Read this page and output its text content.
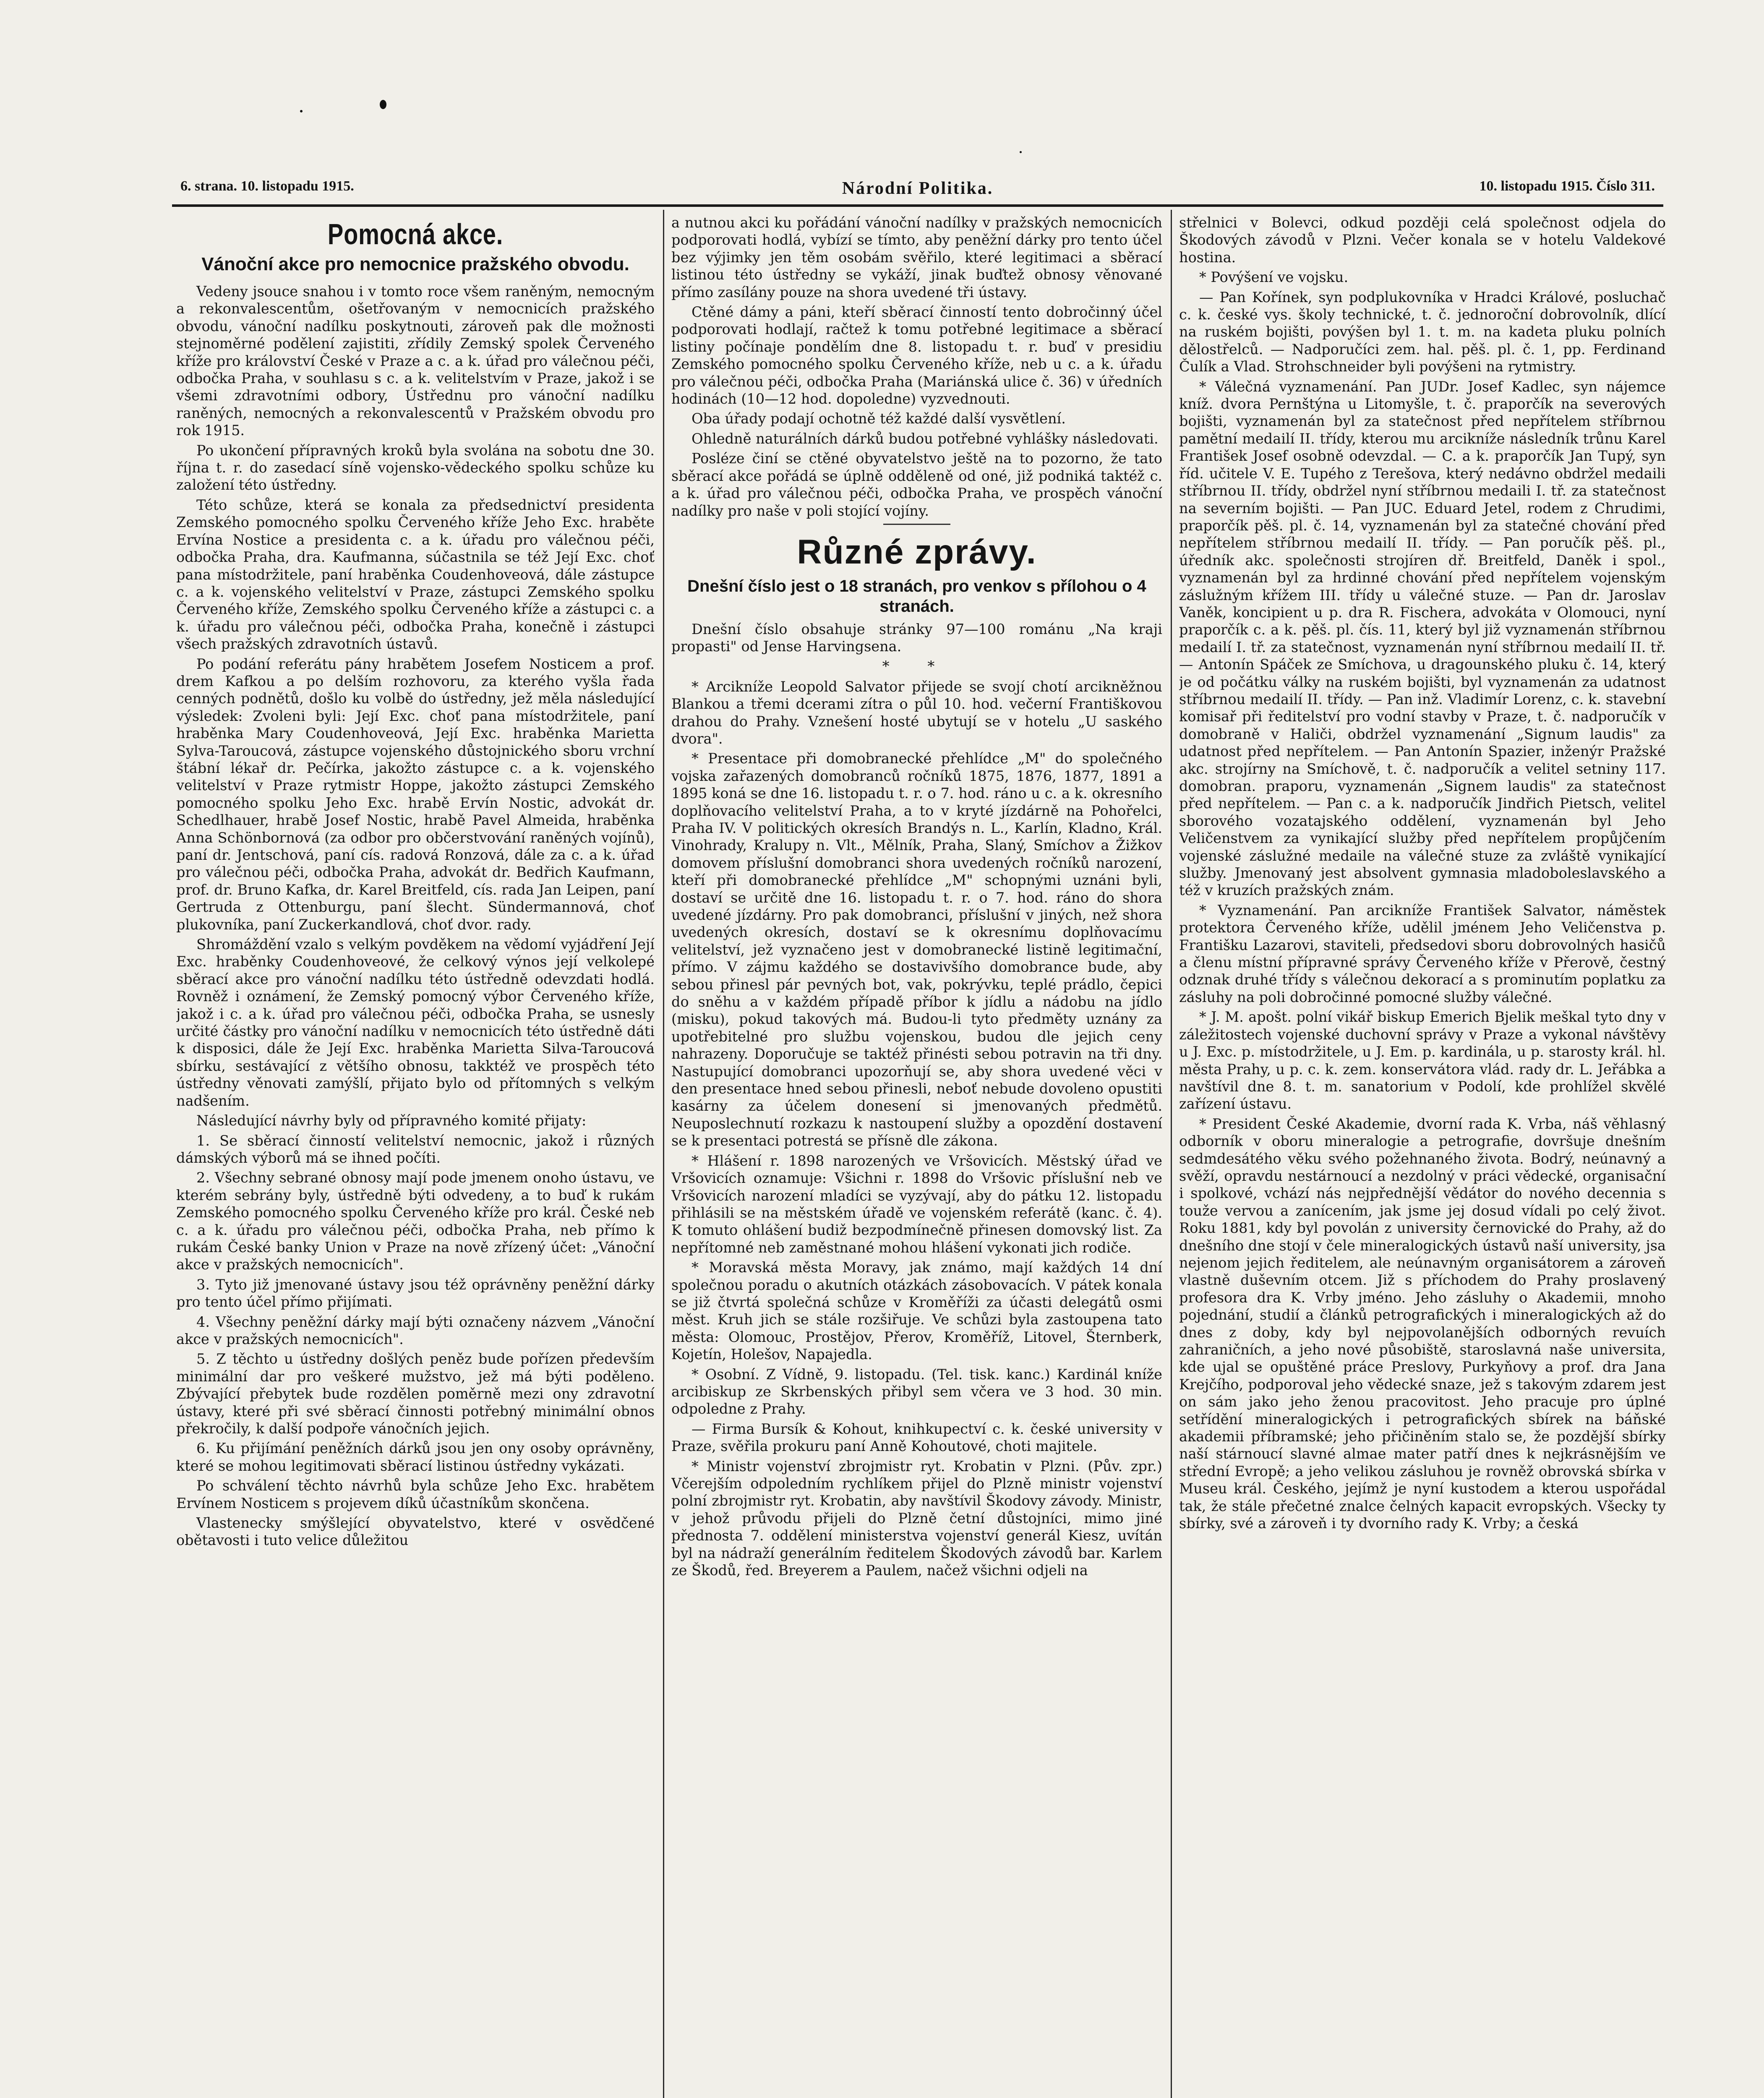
6. strana. 10. listopadu 1915.	Národní Politika.	10. listopadu 1915. Číslo 311.
Pomocná akce.
Vánoční akce pro nemocnice pražského obvodu.

Vedeny jsouce snahou i v tomto roce všem raněným, nemocným a rekonvalescentům, ošetřovaným v nemocnicích pražského obvodu, vánoční nadílku poskytnouti, zároveň pak dle možnosti stejnoměrné podělení zajistiti, zřídily Zemský spolek Červeného kříže pro království České v Praze a c. a k. úřad pro válečnou péči, odbočka Praha, v souhlasu s c. a k. velitelstvím v Praze, jakož i se všemi zdravotními odbory, Ústřednu pro vánoční nadílku raněných, nemocných a rekonvalescentů v Pražském obvodu pro rok 1915.

Po ukončení přípravných kroků byla svolána na sobotu dne 30. října t. r. do zasedací síně vojensko-vědeckého spolku schůze ku založení této ústředny.

Této schůze, která se konala za předsednictví presidenta Zemského pomocného spolku Červeného kříže Jeho Exc. hraběte Ervína Nostice a presidenta c. a k. úřadu pro válečnou péči, odbočka Praha, dra. Kaufmanna, súčastnila se též Její Exc. choť pana místodržitele, paní hraběnka Coudenhoveová, dále zástupce c. a k. vojenského velitelství v Praze, zástupci Zemského spolku Červeného kříže, Zemského spolku Červeného kříže a zástupci c. a k. úřadu pro válečnou péči, odbočka Praha, konečně i zástupci všech pražských zdravotních ústavů.

Po podání referátu pány hrabětem Josefem Nosticem a prof. drem Kafkou a po delším rozhovoru, za kterého vyšla řada cenných podnětů, došlo ku volbě do ústředny, jež měla následující výsledek: Zvoleni byli: Její Exc. choť pana místodržitele, paní hraběnka Mary Coudenhoveová, Její Exc. hraběnka Marietta Sylva-Taroucová, zástupce vojenského důstojnického sboru vrchní štábní lékař dr. Pečírka, jakožto zástupce c. a k. vojenského velitelství v Praze rytmistr Hoppe, jakožto zástupci Zemského pomocného spolku Jeho Exc. hrabě Ervín Nostic, advokát dr. Schedlhauer, hrabě Josef Nostic, hrabě Pavel Almeida, hraběnka Anna Schönbornová (za odbor pro občerstvování raněných vojínů), paní dr. Jentschová, paní cís. radová Ronzová, dále za c. a k. úřad pro válečnou péči, odbočka Praha, advokát dr. Bedřich Kaufmann, prof. dr. Bruno Kafka, dr. Karel Breitfeld, cís. rada Jan Leipen, paní Gertruda z Ottenburgu, paní šlecht. Sündermannová, choť plukovníka, paní Zuckerkandlová, choť dvor. rady.

Shromáždění vzalo s velkým povděkem na vědomí vyjádření Její Exc. hraběnky Coudenhoveové, že celkový výnos její velkolepé sběrací akce pro vánoční nadílku této ústředně odevzdati hodlá. Rovněž i oznámení, že Zemský pomocný výbor Červeného kříže, jakož i c. a k. úřad pro válečnou péči, odbočka Praha, se usnesly určité částky pro vánoční nadílku v nemocnicích této ústředně dáti k disposici, dále že Její Exc. hraběnka Marietta Silva-Taroucová sbírku, sestávající z většího obnosu, takktéž ve prospěch této ústředny věnovati zamýšlí, přijato bylo od přítomných s velkým nadšením.

Následující návrhy byly od přípravného komité přijaty:

1. Se sběrací činností velitelství nemocnic, jakož i různých dámských výborů má se ihned počíti.

2. Všechny sebrané obnosy mají pode jmenem onoho ústavu, ve kterém sebrány byly, ústředně býti odvedeny, a to buď k rukám Zemského pomocného spolku Červeného kříže pro král. České neb c. a k. úřadu pro válečnou péči, odbočka Praha, neb přímo k rukám České banky Union v Praze na nově zřízený účet: „Vánoční akce v pražských nemocnicích".

3. Tyto již jmenované ústavy jsou též oprávněny peněžní dárky pro tento účel přímo přijímati.

4. Všechny peněžní dárky mají býti označeny názvem „Vánoční akce v pražských nemocnicích".

5. Z těchto u ústředny došlých peněz bude pořízen především minimální dar pro veškeré mužstvo, jež má býti poděleno. Zbývající přebytek bude rozdělen poměrně mezi ony zdravotní ústavy, které při své sběrací činnosti potřebný minimální obnos překročily, k další podpoře vánočních jejich.

6. Ku přijímání peněžních dárků jsou jen ony osoby oprávněny, které se mohou legitimovati sběrací listinou ústředny vykázati.

Po schválení těchto návrhů byla schůze Jeho Exc. hrabětem Ervínem Nosticem s projevem díků účastníkům skončena.

Vlastenecky smýšlející obyvatelstvo, které v osvědčené obětavosti i tuto velice důležitou

a nutnou akci ku pořádání vánoční nadílky v pražských nemocnicích podporovati hodlá, vybízí se tímto, aby peněžní dárky pro tento účel bez výjimky jen těm osobám svěřilo, které legitimaci a sběrací listinou této ústředny se vykáží, jinak buďtež obnosy věnované přímo zasílány pouze na shora uvedené tři ústavy.

Ctěné dámy a páni, kteří sběrací činností tento dobročinný účel podporovati hodlají, račtež k tomu potřebné legitimace a sběrací listiny počínaje pondělím dne 8. listopadu t. r. buď v presidiu Zemského pomocného spolku Červeného kříže, neb u c. a k. úřadu pro válečnou péči, odbočka Praha (Mariánská ulice č. 36) v úředních hodinách (10—12 hod. dopoledne) vyzvednouti.

Oba úřady podají ochotně též každé další vysvětlení.

Ohledně naturálních dárků budou potřebné vyhlášky následovati.

Posléze činí se ctěné obyvatelstvo ještě na to pozorno, že tato sběrací akce pořádá se úplně odděleně od oné, již podniká taktéž c. a k. úřad pro válečnou péči, odbočka Praha, ve prospěch vánoční nadílky pro naše v poli stojící vojíny.

Různé zprávy.
Dnešní číslo jest o 18 stranách, pro venkov s přílohou o 4 stranách.

Dnešní číslo obsahuje stránky 97—100 románu „Na kraji propasti" od Jense Harvingsena.

* *

* Arcikníže Leopold Salvator přijede se svojí chotí arcikněžnou Blankou a třemi dcerami zítra o půl 10. hod. večerní Františkovou drahou do Prahy. Vznešení hosté ubytují se v hotelu „U saského dvora".

* Presentace při domobranecké přehlídce „M" do společného vojska zařazených domobranců ročníků 1875, 1876, 1877, 1891 a 1895 koná se dne 16. listopadu t. r. o 7. hod. ráno u c. a k. okresního doplňovacího velitelství Praha, a to v kryté jízdárně na Pohořelci, Praha IV. V politických okresích Brandýs n. L., Karlín, Kladno, Král. Vinohrady, Kralupy n. Vlt., Mělník, Praha, Slaný, Smíchov a Žižkov domovem příslušní domobranci shora uvedených ročníků narození, kteří při domobranecké přehlídce „M" schopnými uznáni byli, dostaví se určitě dne 16. listopadu t. r. o 7. hod. ráno do shora uvedené jízdárny. Pro pak domobranci, příslušní v jiných, než shora uvedených okresích, dostaví se k okresnímu doplňovacímu velitelství, jež vyznačeno jest v domobranecké listině legitimační, přímo. V zájmu každého se dostavivšího domobrance bude, aby sebou přinesl pár pevných bot, vak, pokrývku, teplé prádlo, čepici do sněhu a v každém případě příbor k jídlu a nádobu na jídlo (misku), pokud takových má. Budou-li tyto předměty uznány za upotřebitelné pro službu vojenskou, budou dle jejich ceny nahrazeny. Doporučuje se taktéž přinésti sebou potravin na tři dny. Nastupující domobranci upozorňují se, aby shora uvedené věci v den presentace hned sebou přinesli, neboť nebude dovoleno opustiti kasárny za účelem donesení si jmenovaných předmětů. Neuposlechnutí rozkazu k nastoupení služby a opozdění dostavení se k presentaci potrestá se přísně dle zákona.

* Hlášení r. 1898 narozených ve Vršovicích. Městský úřad ve Vršovicích oznamuje: Všichni r. 1898 do Vršovic příslušní neb ve Vršovicích narození mladíci se vyzývají, aby do pátku 12. listopadu přihlásili se na městském úřadě ve vojenském referátě (kanc. č. 4). K tomuto ohlášení budiž bezpodmínečně přinesen domovský list. Za nepřítomné neb zaměstnané mohou hlášení vykonati jich rodiče.

* Moravská města Moravy, jak známo, mají každých 14 dní společnou poradu o akutních otázkách zásobovacích. V pátek konala se již čtvrtá společná schůze v Kroměříži za účasti delegátů osmi měst. Kruh jich se stále rozšiřuje. Ve schůzi byla zastoupena tato města: Olomouc, Prostějov, Přerov, Kroměříž, Litovel, Šternberk, Kojetín, Holešov, Napajedla.

* Osobní. Z Vídně, 9. listopadu. (Tel. tisk. kanc.) Kardinál kníže arcibiskup ze Skrbenských přibyl sem včera ve 3 hod. 30 min. odpoledne z Prahy.

— Firma Bursík & Kohout, knihkupectví c. k. české university v Praze, svěřila prokuru paní Anně Kohoutové, choti majitele.

* Ministr vojenství zbrojmistr ryt. Krobatin v Plzni. (Pův. zpr.) Včerejším odpoledním rychlíkem přijel do Plzně ministr vojenství polní zbrojmistr ryt. Krobatin, aby navštívil Škodovy závody. Ministr, v jehož průvodu přijeli do Plzně četní důstojníci, mimo jiné přednosta 7. oddělení ministerstva vojenství generál Kiesz, uvítán byl na nádraží generálním ředitelem Škodových závodů bar. Karlem ze Škodů, řed. Breyerem a Paulem, načež všichni odjeli na

střelnici v Bolevci, odkud později celá společnost odjela do Škodových závodů v Plzni. Večer konala se v hotelu Valdekové hostina.

* Povýšení ve vojsku.

— Pan Kořínek, syn podplukovníka v Hradci Králové, posluchač c. k. české vys. školy technické, t. č. jednoroční dobrovolník, dlící na ruském bojišti, povýšen byl 1. t. m. na kadeta pluku polních dělostřelců. — Nadporučíci zem. hal. pěš. pl. č. 1, pp. Ferdinand Čulík a Vlad. Strohschneider byli povýšeni na rytmistry.

* Válečná vyznamenání. Pan JUDr. Josef Kadlec, syn nájemce kníž. dvora Pernštýna u Litomyšle, t. č. praporčík na severových bojišti, vyznamenán byl za statečnost před nepřítelem stříbrnou pamětní medailí II. třídy, kterou mu arcikníže následník trůnu Karel František Josef osobně odevzdal. — C. a k. praporčík Jan Tupý, syn říd. učitele V. E. Tupého z Terešova, který nedávno obdržel medaili stříbrnou II. třídy, obdržel nyní stříbrnou medaili I. tř. za statečnost na severním bojišti. — Pan JUC. Eduard Jetel, rodem z Chrudimi, praporčík pěš. pl. č. 14, vyznamenán byl za statečné chování před nepřítelem stříbrnou medailí II. třídy. — Pan poručík pěš. pl., úředník akc. společnosti strojíren dř. Breitfeld, Daněk i spol., vyznamenán byl za hrdinné chování před nepřítelem vojenským záslužným křížem III. třídy u válečné stuze. — Pan dr. Jaroslav Vaněk, koncipient u p. dra R. Fischera, advokáta v Olomouci, nyní praporčík c. a k. pěš. pl. čís. 11, který byl již vyznamenán stříbrnou medailí I. tř. za statečnost, vyznamenán nyní stříbrnou medailí II. tř. — Antonín Spáček ze Smíchova, u dragounského pluku č. 14, který je od počátku války na ruském bojišti, byl vyznamenán za udatnost stříbrnou medailí II. třídy. — Pan inž. Vladimír Lorenz, c. k. stavební komisař při ředitelství pro vodní stavby v Praze, t. č. nadporučík v domobraně v Haliči, obdržel vyznamenání „Signum laudis" za udatnost před nepřítelem. — Pan Antonín Spazier, inženýr Pražské akc. strojírny na Smíchově, t. č. nadporučík a velitel setniny 117. domobran. praporu, vyznamenán „Signem laudis" za statečnost před nepřítelem. — Pan c. a k. nadporučík Jindřich Pietsch, velitel sborového vozatajského oddělení, vyznamenán byl Jeho Veličenstvem za vynikající služby před nepřítelem propůjčením vojenské záslužné medaile na válečné stuze za zvláště vynikající služby. Jmenovaný jest absolvent gymnasia mladoboleslavského a též v kruzích pražských znám.

* Vyznamenání. Pan arcikníže František Salvator, náměstek protektora Červeného kříže, udělil jménem Jeho Veličenstva p. Františku Lazarovi, staviteli, předsedovi sboru dobrovolných hasičů a členu místní přípravné správy Červeného kříže v Přerově, čestný odznak druhé třídy s válečnou dekorací a s prominutím poplatku za zásluhy na poli dobročinné pomocné služby válečné.

* J. M. apošt. polní vikář biskup Emerich Bjelik meškal tyto dny v záležitostech vojenské duchovní správy v Praze a vykonal návštěvy u J. Exc. p. místodržitele, u J. Em. p. kardinála, u p. starosty král. hl. města Prahy, u p. c. k. zem. konservátora vlád. rady dr. L. Jeřábka a navštívil dne 8. t. m. sanatorium v Podolí, kde prohlížel skvělé zařízení ústavu.

* President České Akademie, dvorní rada K. Vrba, náš věhlasný odborník v oboru mineralogie a petrografie, dovršuje dnešním sedmdesátého věku svého požehnaného života. Bodrý, neúnavný a svěží, opravdu nestárnoucí a nezdolný v práci vědecké, organisační i spolkové, vchází nás nejpřednější vědátor do nového decennia s touže vervou a zanícením, jak jsme jej dosud vídali po celý život. Roku 1881, kdy byl povolán z university černovické do Prahy, až do dnešního dne stojí v čele mineralogických ústavů naší university, jsa nejenom jejich ředitelem, ale neúnavným organisátorem a zároveň vlastně duševním otcem. Již s příchodem do Prahy proslavený profesora dra K. Vrby jméno. Jeho zásluhy o Akademii, mnoho pojednání, studií a článků petrografických i mineralogických až do dnes z doby, kdy byl nejpovolanějších odborných revuích zahraničních, a jeho nové působiště, staroslavná naše universita, kde ujal se opuštěné práce Preslovy, Purkyňovy a prof. dra Jana Krejčího, podporoval jeho vědecké snaze, jež s takovým zdarem jest on sám jako jeho ženou pracovitost. Jeho pracuje pro úplné setřídění mineralogických i petrografických sbírek na báňské akademii příbramské; jeho přičiněním stalo se, že pozdější sbírky naší stárnoucí slavné almae mater patří dnes k nejkrásnějším ve střední Evropě; a jeho velikou zásluhou je rovněž obrovská sbírka v Museu král. Českého, jejímž je nyní kustodem a kterou uspořádal tak, že stále přečetné znalce čelných kapacit evropských. Všecky ty sbírky, své a zároveň i ty dvorního rady K. Vrby; a česká
